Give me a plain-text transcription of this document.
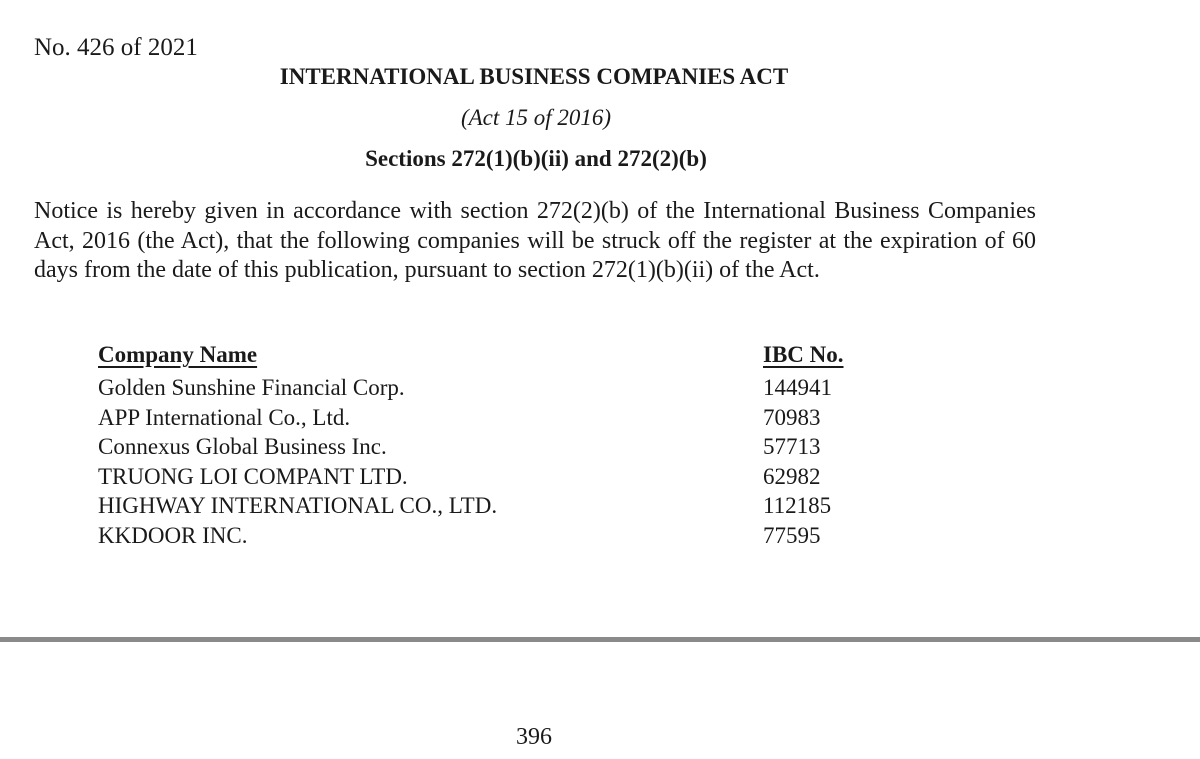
No. 426 of 2021
INTERNATIONAL BUSINESS COMPANIES ACT
(Act 15 of 2016)
Sections 272(1)(b)(ii) and 272(2)(b)

Notice is hereby given in accordance with section 272(2)(b) of the International Business Companies Act, 2016 (the Act), that the following companies will be struck off the register at the expiration of 60 days from the date of this publication, pursuant to section 272(1)(b)(ii) of the Act.

Company Name	IBC No.
Golden Sunshine Financial Corp.	144941
APP International Co., Ltd.	70983
Connexus Global Business Inc.	57713
TRUONG LOI COMPANT LTD.	62982
HIGHWAY INTERNATIONAL CO., LTD.	112185
KKDOOR INC.	77595
396
